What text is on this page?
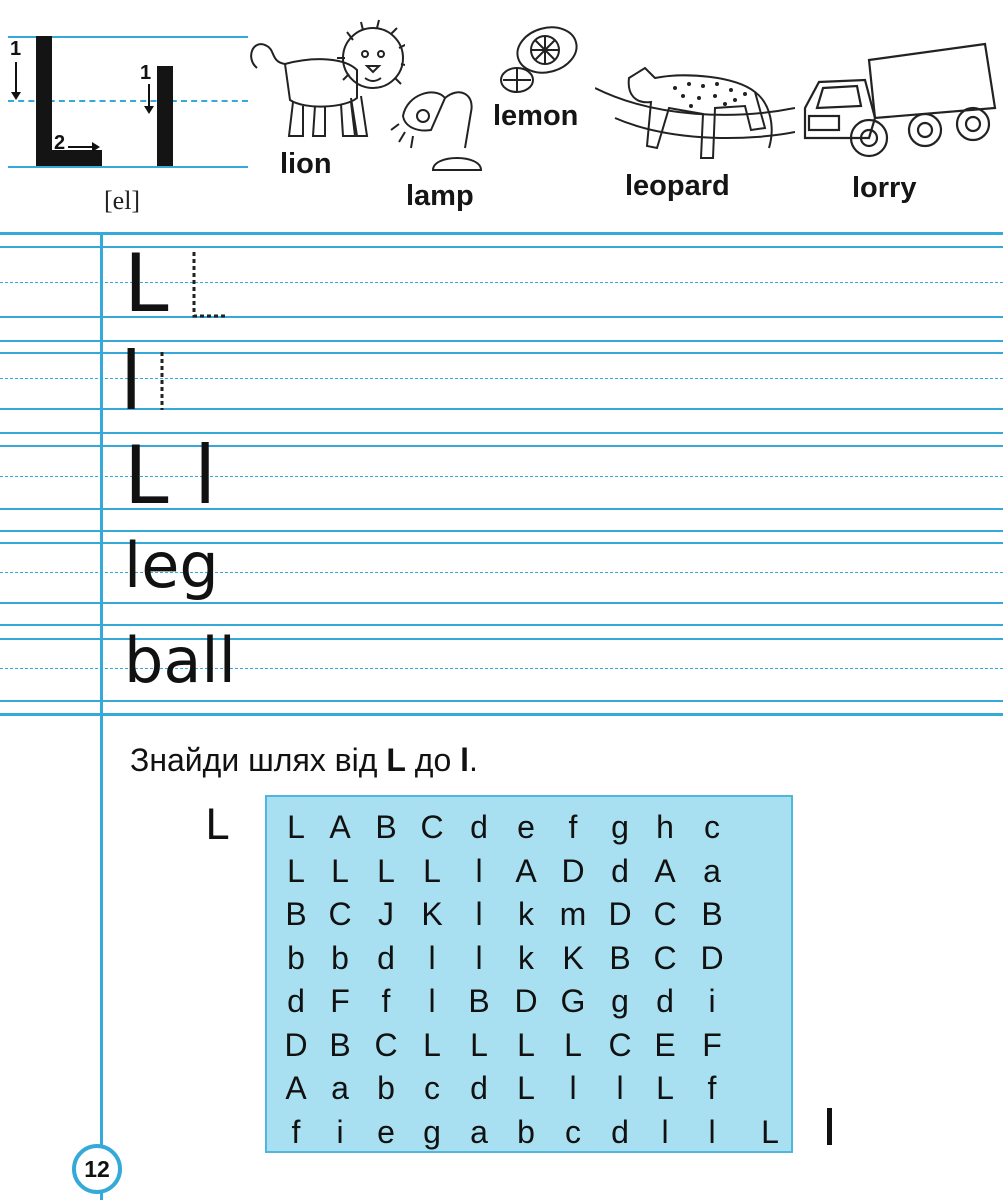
1
2
1
[el]
lion
lamp
lemon
leopard	lorry
L
l
L l
leg
ball
Знайди шлях від L до l.
L	L A B C d e	f	g h c
L L L L	l	A D d A a
B C J K	l	k m D C B
b b d	l	l	k K B C D
d F f	l	B D G g d	i
D B C L L L L C E F
A a b c d L	l	l	L	f
f	i	e g a b c d	l	l	L
12
